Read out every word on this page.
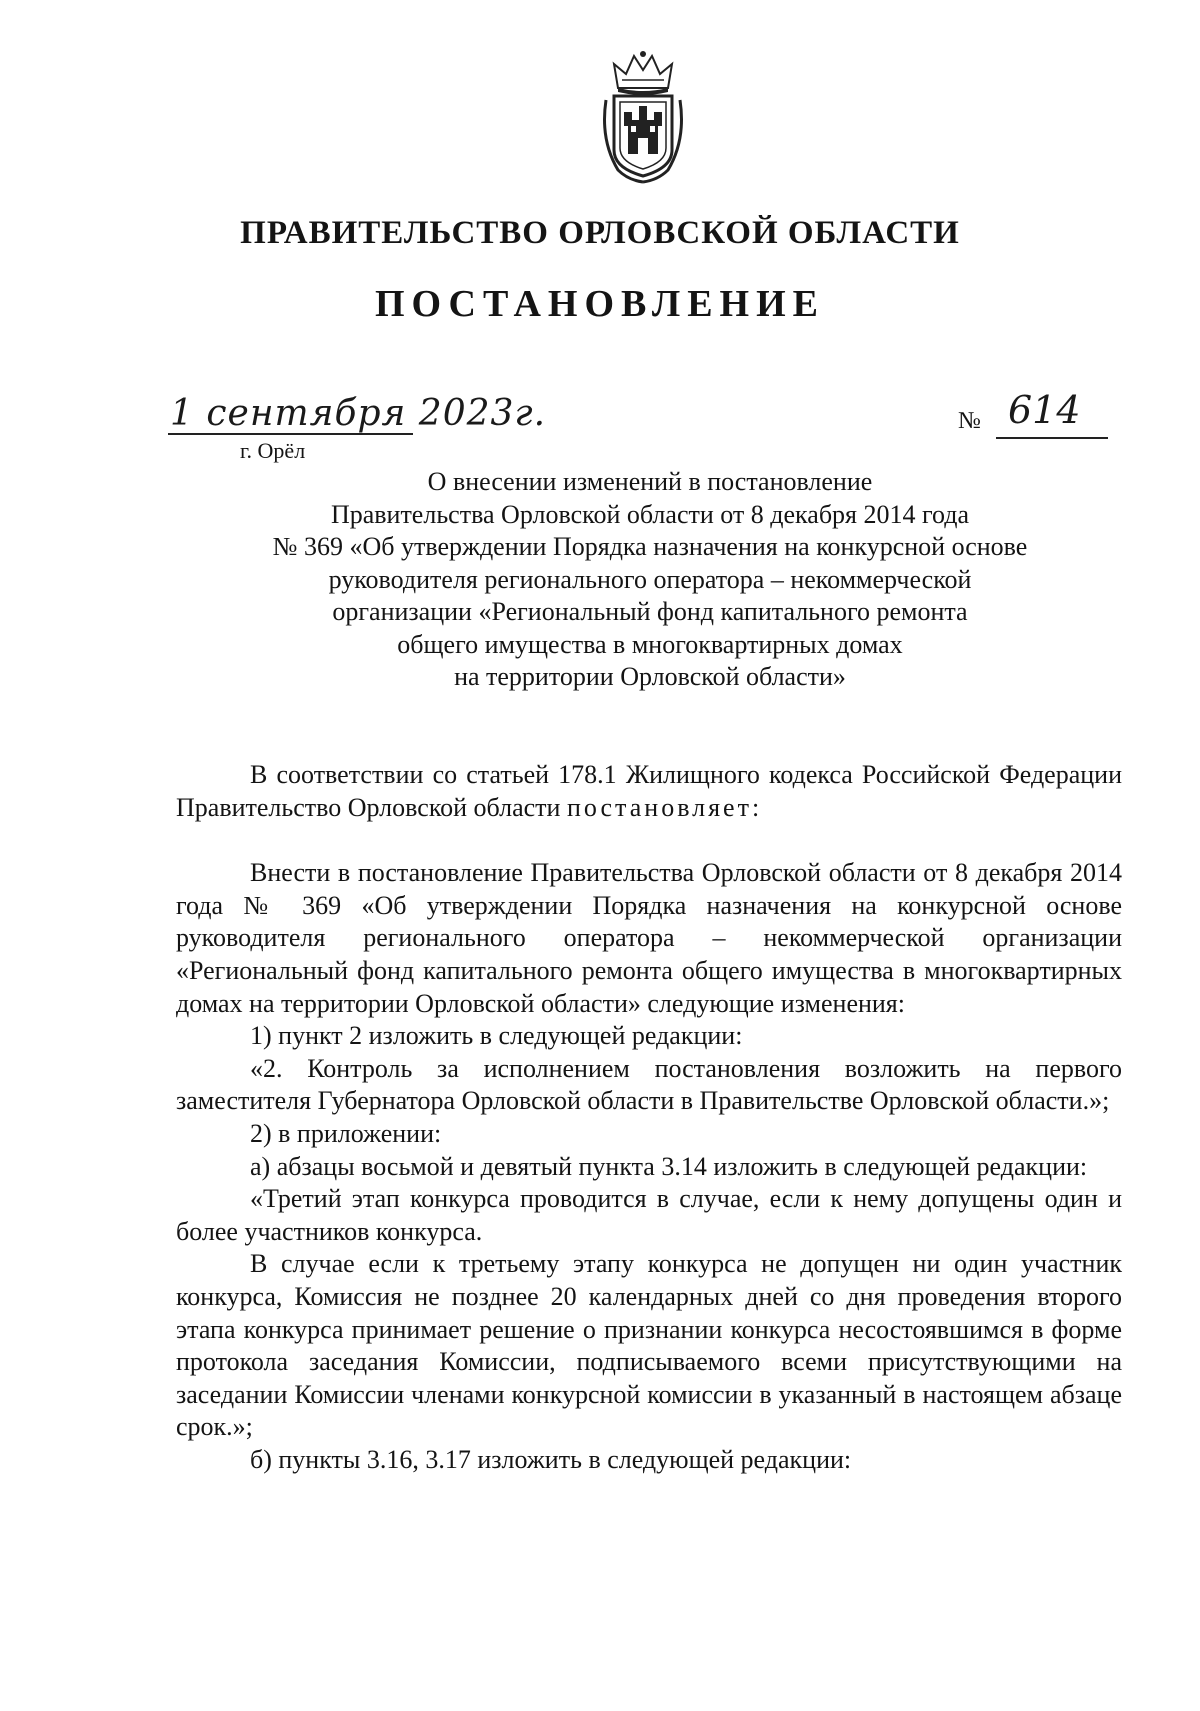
ПРАВИТЕЛЬСТВО ОРЛОВСКОЙ ОБЛАСТИ
ПОСТАНОВЛЕНИЕ
1 сентября 2023г.
г. Орёл
№ 614
О внесении изменений в постановление
Правительства Орловской области от 8 декабря 2014 года
№ 369 «Об утверждении Порядка назначения на конкурсной основе
руководителя регионального оператора – некоммерческой
организации «Региональный фонд капитального ремонта
общего имущества в многоквартирных домах
на территории Орловской области»

В соответствии со статьей 178.1 Жилищного кодекса Российской Федерации Правительство Орловской области постановляет:

Внести в постановление Правительства Орловской области от 8 декабря 2014 года № 369 «Об утверждении Порядка назначения на конкурсной основе руководителя регионального оператора – некоммерческой организации «Региональный фонд капитального ремонта общего имущества в многоквартирных домах на территории Орловской области» следующие изменения:

1) пункт 2 изложить в следующей редакции:

«2. Контроль за исполнением постановления возложить на первого заместителя Губернатора Орловской области в Правительстве Орловской области.»;

2) в приложении:

а) абзацы восьмой и девятый пункта 3.14 изложить в следующей редакции:

«Третий этап конкурса проводится в случае, если к нему допущены один и более участников конкурса.

В случае если к третьему этапу конкурса не допущен ни один участник конкурса, Комиссия не позднее 20 календарных дней со дня проведения второго этапа конкурса принимает решение о признании конкурса несостоявшимся в форме протокола заседания Комиссии, подписываемого всеми присутствующими на заседании Комиссии членами конкурсной комиссии в указанный в настоящем абзаце срок.»;

б) пункты 3.16, 3.17 изложить в следующей редакции:
